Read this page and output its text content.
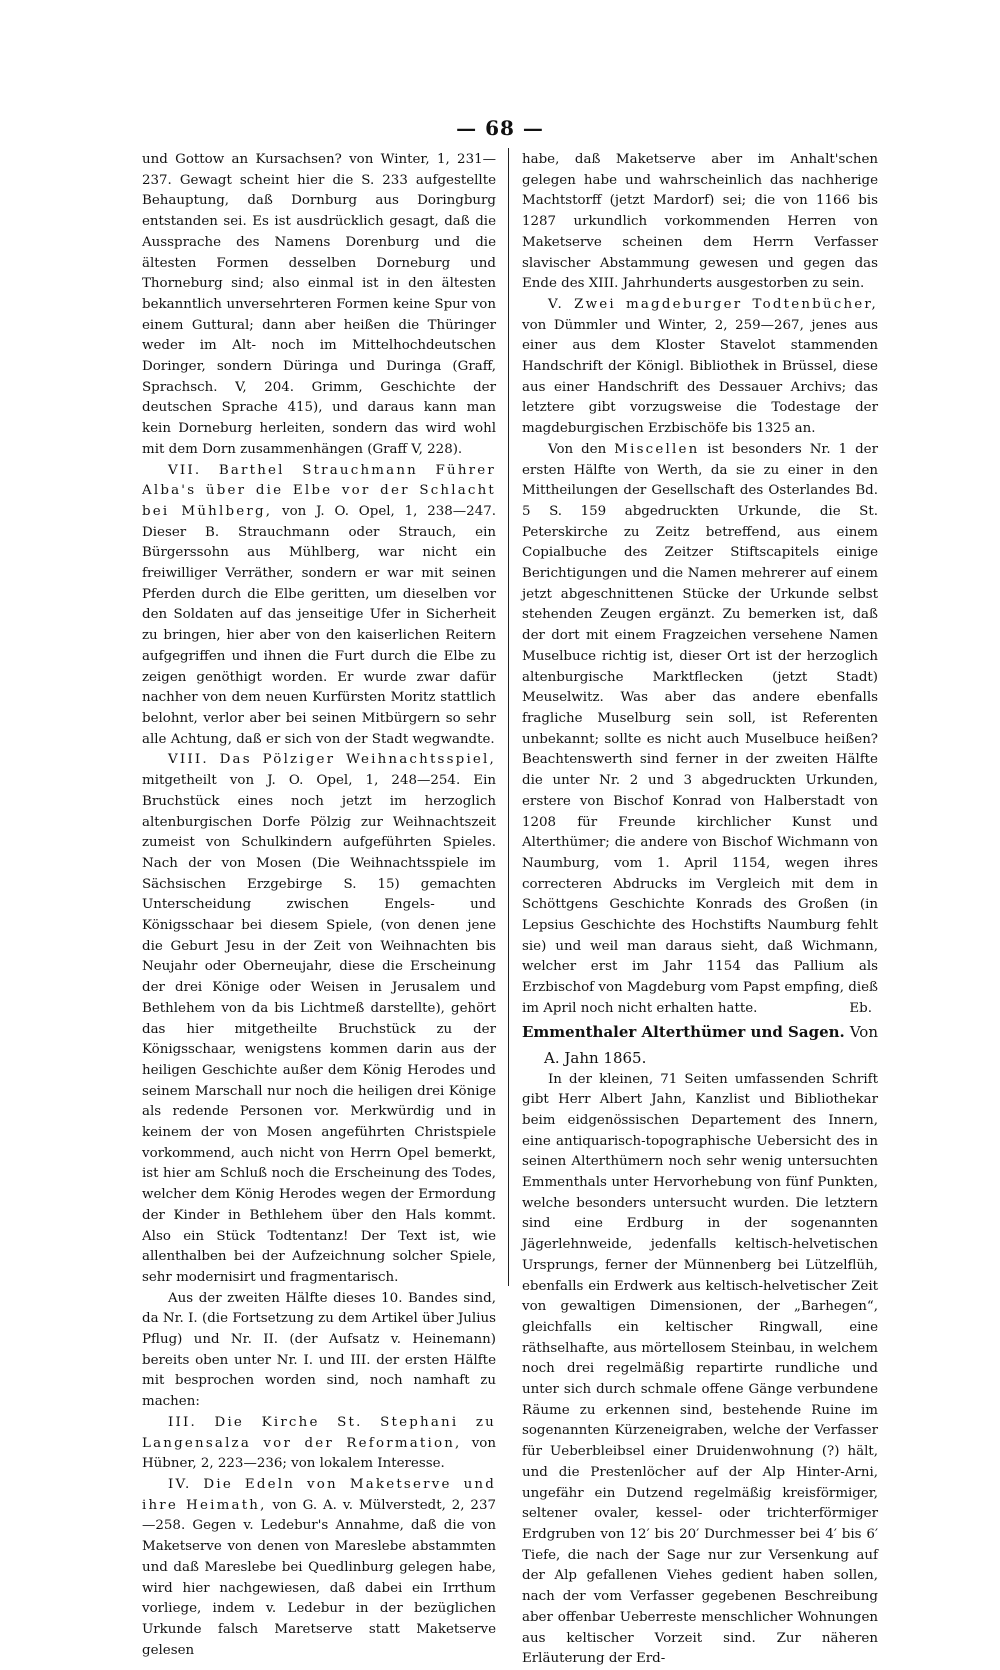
— 68 —

und Gottow an Kursachsen? von Winter, 1, 231—237. Gewagt scheint hier die S. 233 aufgestellte Behauptung, daß Dornburg aus Doringburg entstanden sei. Es ist ausdrücklich gesagt, daß die Aussprache des Namens Dorenburg und die ältesten Formen desselben Dorneburg und Thorneburg sind; also einmal ist in den ältesten bekanntlich unversehrteren Formen keine Spur von einem Guttural; dann aber heißen die Thüringer weder im Alt- noch im Mittelhochdeutschen Doringer, sondern Düringa und Duringa (Graff, Sprachsch. V, 204. Grimm, Geschichte der deutschen Sprache 415), und daraus kann man kein Dorneburg herleiten, sondern das wird wohl mit dem Dorn zusammenhängen (Graff V, 228).

VII. Barthel Strauchmann Führer Alba's über die Elbe vor der Schlacht bei Mühlberg, von J. O. Opel, 1, 238—247. Dieser B. Strauchmann oder Strauch, ein Bürgerssohn aus Mühlberg, war nicht ein freiwilliger Verräther, sondern er war mit seinen Pferden durch die Elbe geritten, um dieselben vor den Soldaten auf das jenseitige Ufer in Sicherheit zu bringen, hier aber von den kaiserlichen Reitern aufgegriffen und ihnen die Furt durch die Elbe zu zeigen genöthigt worden. Er wurde zwar dafür nachher von dem neuen Kurfürsten Moritz stattlich belohnt, verlor aber bei seinen Mitbürgern so sehr alle Achtung, daß er sich von der Stadt wegwandte.

VIII. Das Pölziger Weihnachtsspiel, mitgetheilt von J. O. Opel, 1, 248—254. Ein Bruchstück eines noch jetzt im herzoglich altenburgischen Dorfe Pölzig zur Weihnachtszeit zumeist von Schulkindern aufgeführten Spieles. Nach der von Mosen (Die Weihnachtsspiele im Sächsischen Erzgebirge S. 15) gemachten Unterscheidung zwischen Engels- und Königsschaar bei diesem Spiele, (von denen jene die Geburt Jesu in der Zeit von Weihnachten bis Neujahr oder Oberneujahr, diese die Erscheinung der drei Könige oder Weisen in Jerusalem und Bethlehem von da bis Lichtmeß darstellte), gehört das hier mitgetheilte Bruchstück zu der Königsschaar, wenigstens kommen darin aus der heiligen Geschichte außer dem König Herodes und seinem Marschall nur noch die heiligen drei Könige als redende Personen vor. Merkwürdig und in keinem der von Mosen angeführten Christspiele vorkommend, auch nicht von Herrn Opel bemerkt, ist hier am Schluß noch die Erscheinung des Todes, welcher dem König Herodes wegen der Ermordung der Kinder in Bethlehem über den Hals kommt. Also ein Stück Todtentanz! Der Text ist, wie allenthalben bei der Aufzeichnung solcher Spiele, sehr modernisirt und fragmentarisch.

Aus der zweiten Hälfte dieses 10. Bandes sind, da Nr. I. (die Fortsetzung zu dem Artikel über Julius Pflug) und Nr. II. (der Aufsatz v. Heinemann) bereits oben unter Nr. I. und III. der ersten Hälfte mit besprochen worden sind, noch namhaft zu machen:

III. Die Kirche St. Stephani zu Langensalza vor der Reformation, von Hübner, 2, 223—236; von lokalem Interesse.

IV. Die Edeln von Maketserve und ihre Heimath, von G. A. v. Mülverstedt, 2, 237—258. Gegen v. Ledebur's Annahme, daß die von Maketserve von denen von Mareslebe abstammten und daß Mareslebe bei Quedlinburg gelegen habe, wird hier nachgewiesen, daß dabei ein Irrthum vorliege, indem v. Ledebur in der bezüglichen Urkunde falsch Maretserve statt Maketserve gelesen

habe, daß Maketserve aber im Anhalt'schen gelegen habe und wahrscheinlich das nachherige Machtstorff (jetzt Mardorf) sei; die von 1166 bis 1287 urkundlich vorkommenden Herren von Maketserve scheinen dem Herrn Verfasser slavischer Abstammung gewesen und gegen das Ende des XIII. Jahrhunderts ausgestorben zu sein.

V. Zwei magdeburger Todtenbücher, von Dümmler und Winter, 2, 259—267, jenes aus einer aus dem Kloster Stavelot stammenden Handschrift der Königl. Bibliothek in Brüssel, diese aus einer Handschrift des Dessauer Archivs; das letztere gibt vorzugsweise die Todestage der magdeburgischen Erzbischöfe bis 1325 an.

Von den Miscellen ist besonders Nr. 1 der ersten Hälfte von Werth, da sie zu einer in den Mittheilungen der Gesellschaft des Osterlandes Bd. 5 S. 159 abgedruckten Urkunde, die St. Peterskirche zu Zeitz betreffend, aus einem Copialbuche des Zeitzer Stiftscapitels einige Berichtigungen und die Namen mehrerer auf einem jetzt abgeschnittenen Stücke der Urkunde selbst stehenden Zeugen ergänzt. Zu bemerken ist, daß der dort mit einem Fragzeichen versehene Namen Muselbuce richtig ist, dieser Ort ist der herzoglich altenburgische Marktflecken (jetzt Stadt) Meuselwitz. Was aber das andere ebenfalls fragliche Muselburg sein soll, ist Referenten unbekannt; sollte es nicht auch Muselbuce heißen? Beachtenswerth sind ferner in der zweiten Hälfte die unter Nr. 2 und 3 abgedruckten Urkunden, erstere von Bischof Konrad von Halberstadt von 1208 für Freunde kirchlicher Kunst und Alterthümer; die andere von Bischof Wichmann von Naumburg, vom 1. April 1154, wegen ihres correcteren Abdrucks im Vergleich mit dem in Schöttgens Geschichte Konrads des Großen (in Lepsius Geschichte des Hochstifts Naumburg fehlt sie) und weil man daraus sieht, daß Wichmann, welcher erst im Jahr 1154 das Pallium als Erzbischof von Magdeburg vom Papst empfing, dieß im April noch nicht erhalten hatte.	Eb.

Emmenthaler Alterthümer und Sagen. Von
A. Jahn 1865.

In der kleinen, 71 Seiten umfassenden Schrift gibt Herr Albert Jahn, Kanzlist und Bibliothekar beim eidgenössischen Departement des Innern, eine antiquarisch-topographische Uebersicht des in seinen Alterthümern noch sehr wenig untersuchten Emmenthals unter Hervorhebung von fünf Punkten, welche besonders untersucht wurden. Die letztern sind eine Erdburg in der sogenannten Jägerlehnweide, jedenfalls keltisch-helvetischen Ursprungs, ferner der Münnenberg bei Lützelflüh, ebenfalls ein Erdwerk aus keltisch-helvetischer Zeit von gewaltigen Dimensionen, der „Barhegen“, gleichfalls ein keltischer Ringwall, eine räthselhafte, aus mörtellosem Steinbau, in welchem noch drei regelmäßig repartirte rundliche und unter sich durch schmale offene Gänge verbundene Räume zu erkennen sind, bestehende Ruine im sogenannten Kürzeneigraben, welche der Verfasser für Ueberbleibsel einer Druidenwohnung (?) hält, und die Prestenlöcher auf der Alp Hinter-Arni, ungefähr ein Dutzend regelmäßig kreisförmiger, seltener ovaler, kessel- oder trichterförmiger Erdgruben von 12′ bis 20′ Durchmesser bei 4′ bis 6′ Tiefe, die nach der Sage nur zur Versenkung auf der Alp gefallenen Viehes gedient haben sollen, nach der vom Verfasser gegebenen Beschreibung aber offenbar Ueberreste menschlicher Wohnungen aus keltischer Vorzeit sind. Zur näheren Erläuterung der Erd-
